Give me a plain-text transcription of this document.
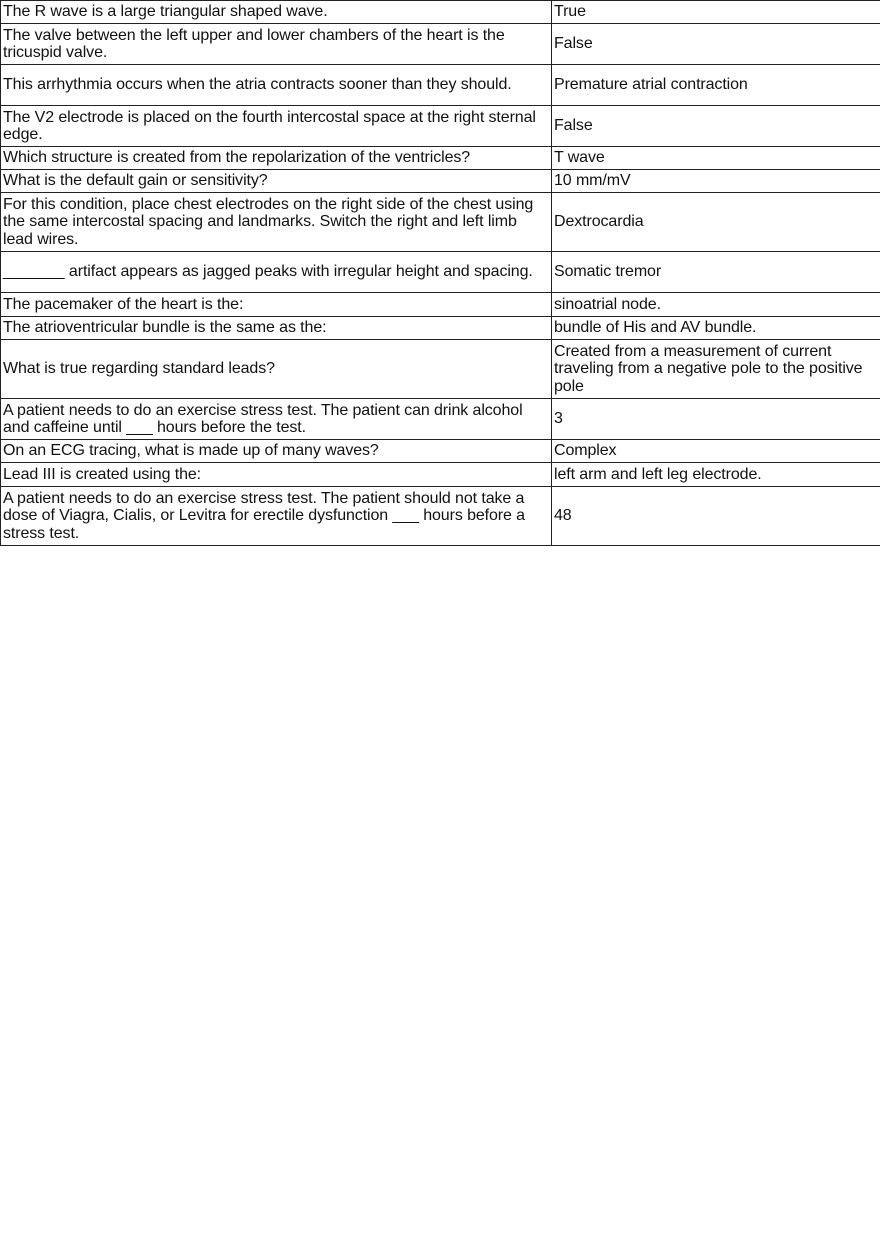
The R wave is a large triangular shaped wave.	True
The valve between the left upper and lower chambers of the heart is the tricuspid valve.	False
This arrhythmia occurs when the atria contracts sooner than they should.	Premature atrial contraction
The V2 electrode is placed on the fourth intercostal space at the right sternal edge.	False
Which structure is created from the repolarization of the ventricles?	T wave
What is the default gain or sensitivity?	10 mm/mV
For this condition, place chest electrodes on the right side of the chest using the same intercostal spacing and landmarks. Switch the right and left limb lead wires.	Dextrocardia
_______ artifact appears as jagged peaks with irregular height and spacing.	Somatic tremor
The pacemaker of the heart is the:	sinoatrial node.
The atrioventricular bundle is the same as the:	bundle of His and AV bundle.
What is true regarding standard leads?	Created from a measurement of current traveling from a negative pole to the positive pole
A patient needs to do an exercise stress test. The patient can drink alcohol and caffeine until ___ hours before the test.	3
On an ECG tracing, what is made up of many waves?	Complex
Lead III is created using the:	left arm and left leg electrode.
A patient needs to do an exercise stress test. The patient should not take a dose of Viagra, Cialis, or Levitra for erectile dysfunction ___ hours before a stress test.	48
